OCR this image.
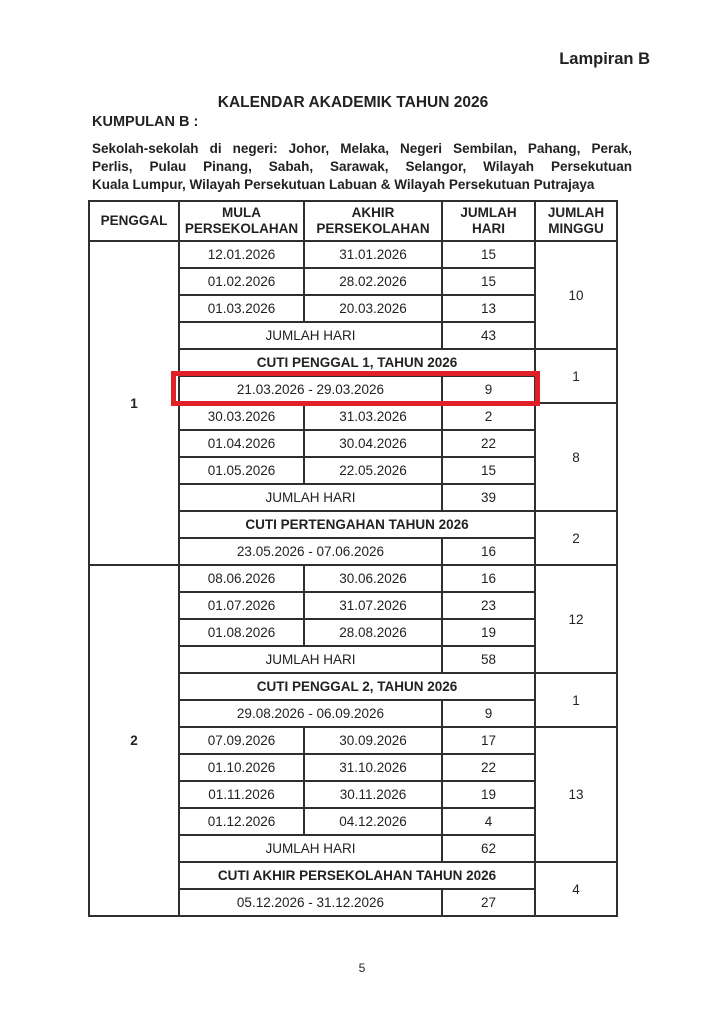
Lampiran B
KALENDAR AKADEMIK TAHUN 2026
KUMPULAN B :
Sekolah-sekolah di negeri: Johor, Melaka, Negeri Sembilan, Pahang, Perak,
Perlis, Pulau Pinang, Sabah, Sarawak, Selangor, Wilayah Persekutuan
Kuala Lumpur, Wilayah Persekutuan Labuan & Wilayah Persekutuan Putrajaya
PENGGAL	MULA PERSEKOLAHAN	AKHIR PERSEKOLAHAN	JUMLAH HARI	JUMLAH MINGGU
1	12.01.2026	31.01.2026	15	10
	01.02.2026	28.02.2026	15	
	01.03.2026	20.03.2026	13	
	JUMLAH HARI		43	
	CUTI PENGGAL 1, TAHUN 2026			1
	21.03.2026 - 29.03.2026		9	
	30.03.2026	31.03.2026	2	8
	01.04.2026	30.04.2026	22	
	01.05.2026	22.05.2026	15	
	JUMLAH HARI		39	
	CUTI PERTENGAHAN TAHUN 2026			2
	23.05.2026 - 07.06.2026		16	
2	08.06.2026	30.06.2026	16	12
	01.07.2026	31.07.2026	23	
	01.08.2026	28.08.2026	19	
	JUMLAH HARI		58	
	CUTI PENGGAL 2, TAHUN 2026			1
	29.08.2026 - 06.09.2026		9	
	07.09.2026	30.09.2026	17	13
	01.10.2026	31.10.2026	22	
	01.11.2026	30.11.2026	19	
	01.12.2026	04.12.2026	4	
	JUMLAH HARI		62	
	CUTI AKHIR PERSEKOLAHAN TAHUN 2026			4
	05.12.2026 - 31.12.2026		27	
5
